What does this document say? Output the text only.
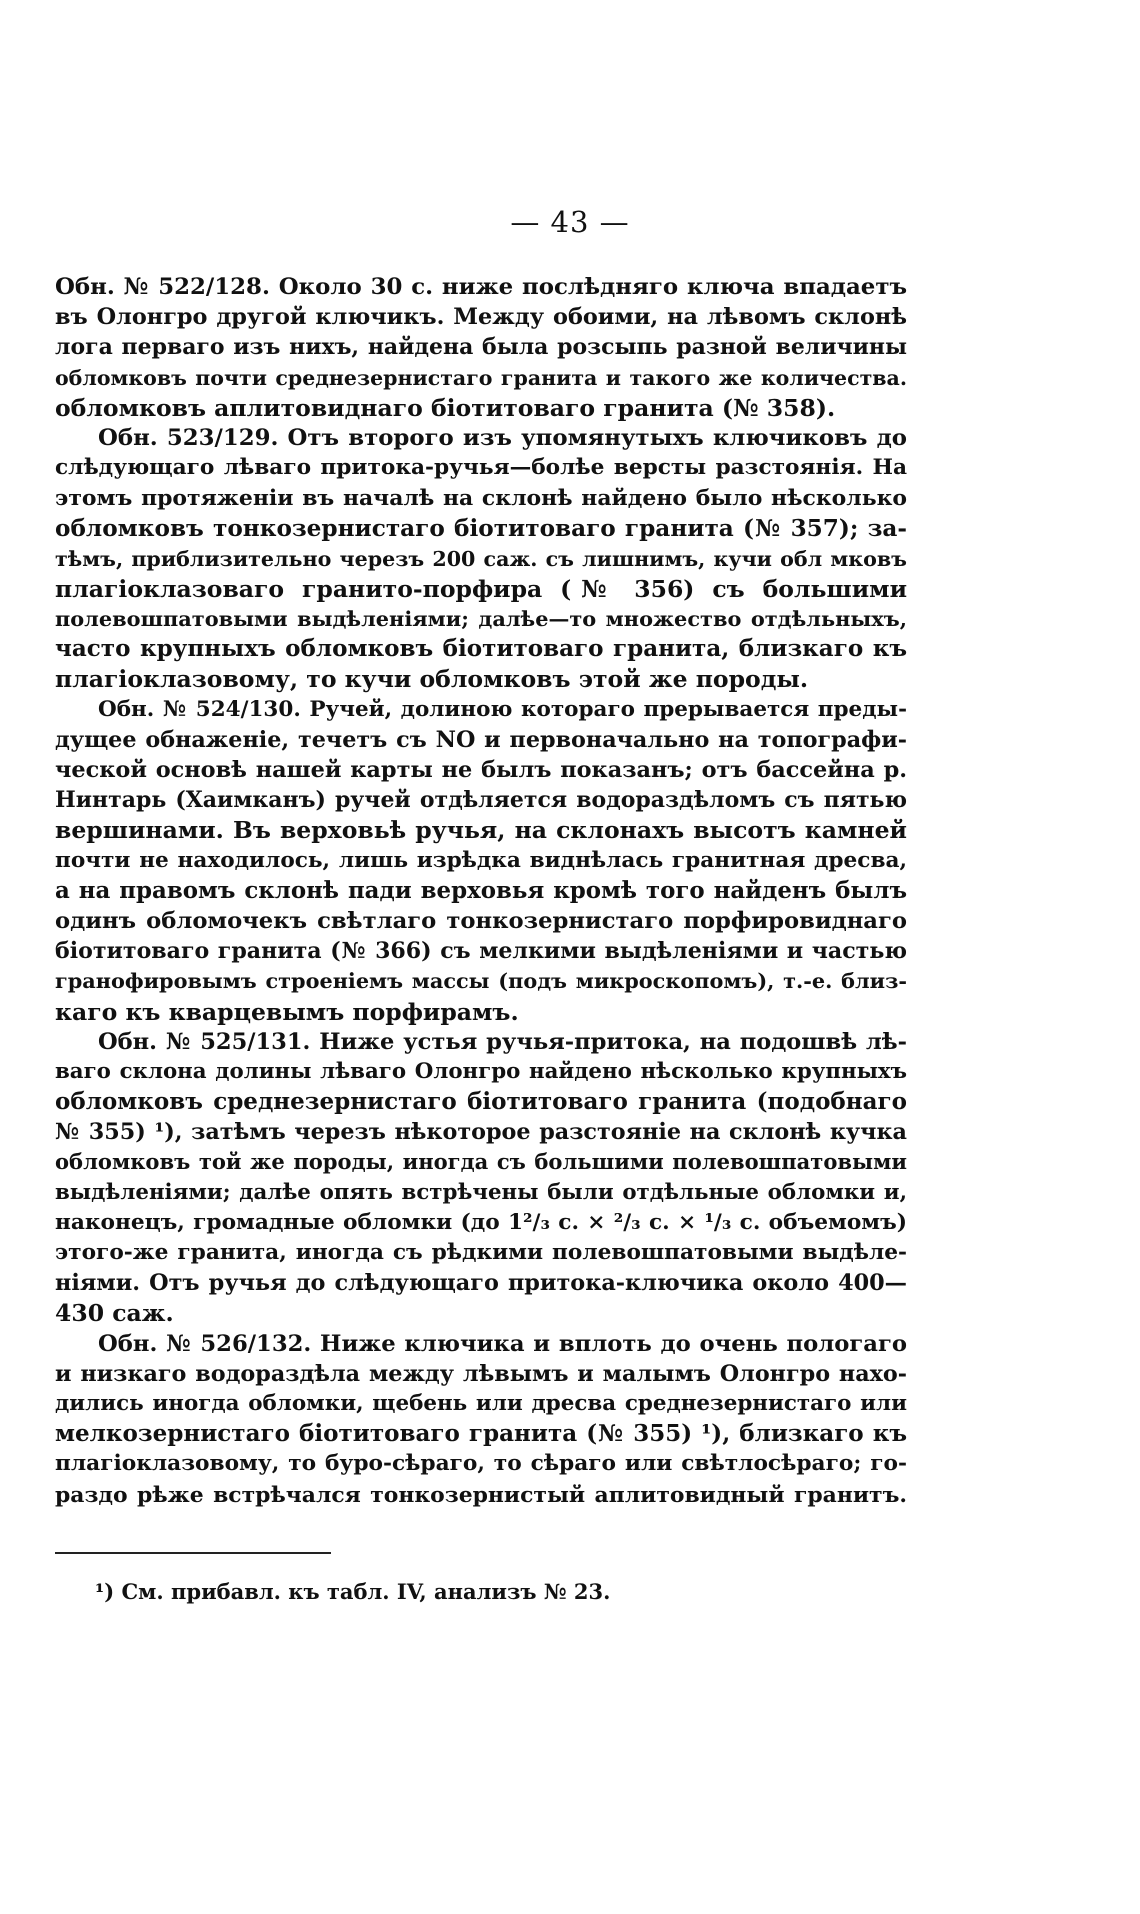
— 43 —
Обн. № 522/128. Около 30 с. ниже послѣдняго ключа впадаетъ
въ Олонгро другой ключикъ. Между обоими, на лѣвомъ склонѣ
лога перваго изъ нихъ, найдена была розсыпь разной величины
обломковъ почти среднезернистаго гранита и такого же количества.
обломковъ аплитовиднаго біотитоваго гранита (№ 358).
Обн. 523/129. Отъ второго изъ упомянутыхъ ключиковъ до
слѣдующаго лѣваго притока-ручья—болѣе версты разстоянія. На
этомъ протяженіи въ началѣ на склонѣ найдено было нѣсколько
обломковъ тонкозернистаго біотитоваго гранита (№ 357); за-
тѣмъ, приблизительно черезъ 200 саж. съ лишнимъ, кучи обл мковъ
плагіоклазоваго гранито-порфира (№ 356) съ большими
полевошпатовыми выдѣленіями; далѣе—то множество отдѣльныхъ,
часто крупныхъ обломковъ біотитоваго гранита, близкаго къ
плагіоклазовому, то кучи обломковъ этой же породы.
Обн. № 524/130. Ручей, долиною котораго прерывается преды-
дущее обнаженіе, течетъ съ NO и первоначально на топографи-
ческой основѣ нашей карты не былъ показанъ; отъ бассейна р.
Нинтарь (Хаимканъ) ручей отдѣляется водораздѣломъ съ пятью
вершинами. Въ верховьѣ ручья, на склонахъ высотъ камней
почти не находилось, лишь изрѣдка виднѣлась гранитная дресва,
а на правомъ склонѣ пади верховья кромѣ того найденъ былъ
одинъ обломочекъ свѣтлаго тонкозернистаго порфировиднаго
біотитоваго гранита (№ 366) съ мелкими выдѣленіями и частью
гранофировымъ строеніемъ массы (подъ микроскопомъ), т.-е. близ-
каго къ кварцевымъ порфирамъ.
Обн. № 525/131. Ниже устья ручья-притока, на подошвѣ лѣ-
ваго склона долины лѣваго Олонгро найдено нѣсколько крупныхъ
обломковъ среднезернистаго біотитоваго гранита (подобнаго
№ 355) ¹), затѣмъ черезъ нѣкоторое разстояніе на склонѣ кучка
обломковъ той же породы, иногда съ большими полевошпатовыми
выдѣленіями; далѣе опять встрѣчены были отдѣльные обломки и,
наконецъ, громадные обломки (до 1²/₃ с. × ²/₃ с. × ¹/₃ с. объемомъ)
этого-же гранита, иногда съ рѣдкими полевошпатовыми выдѣле-
ніями. Отъ ручья до слѣдующаго притока-ключика около 400—
430 саж.
Обн. № 526/132. Ниже ключика и вплоть до очень пологаго
и низкаго водораздѣла между лѣвымъ и малымъ Олонгро нахо-
дились иногда обломки, щебень или дресва среднезернистаго или
мелкозернистаго біотитоваго гранита (№ 355) ¹), близкаго къ
плагіоклазовому, то буро-сѣраго, то сѣраго или свѣтлосѣраго; го-
раздо рѣже встрѣчался тонкозернистый аплитовидный гранитъ.
¹) См. прибавл. къ табл. IV, анализъ № 23.
